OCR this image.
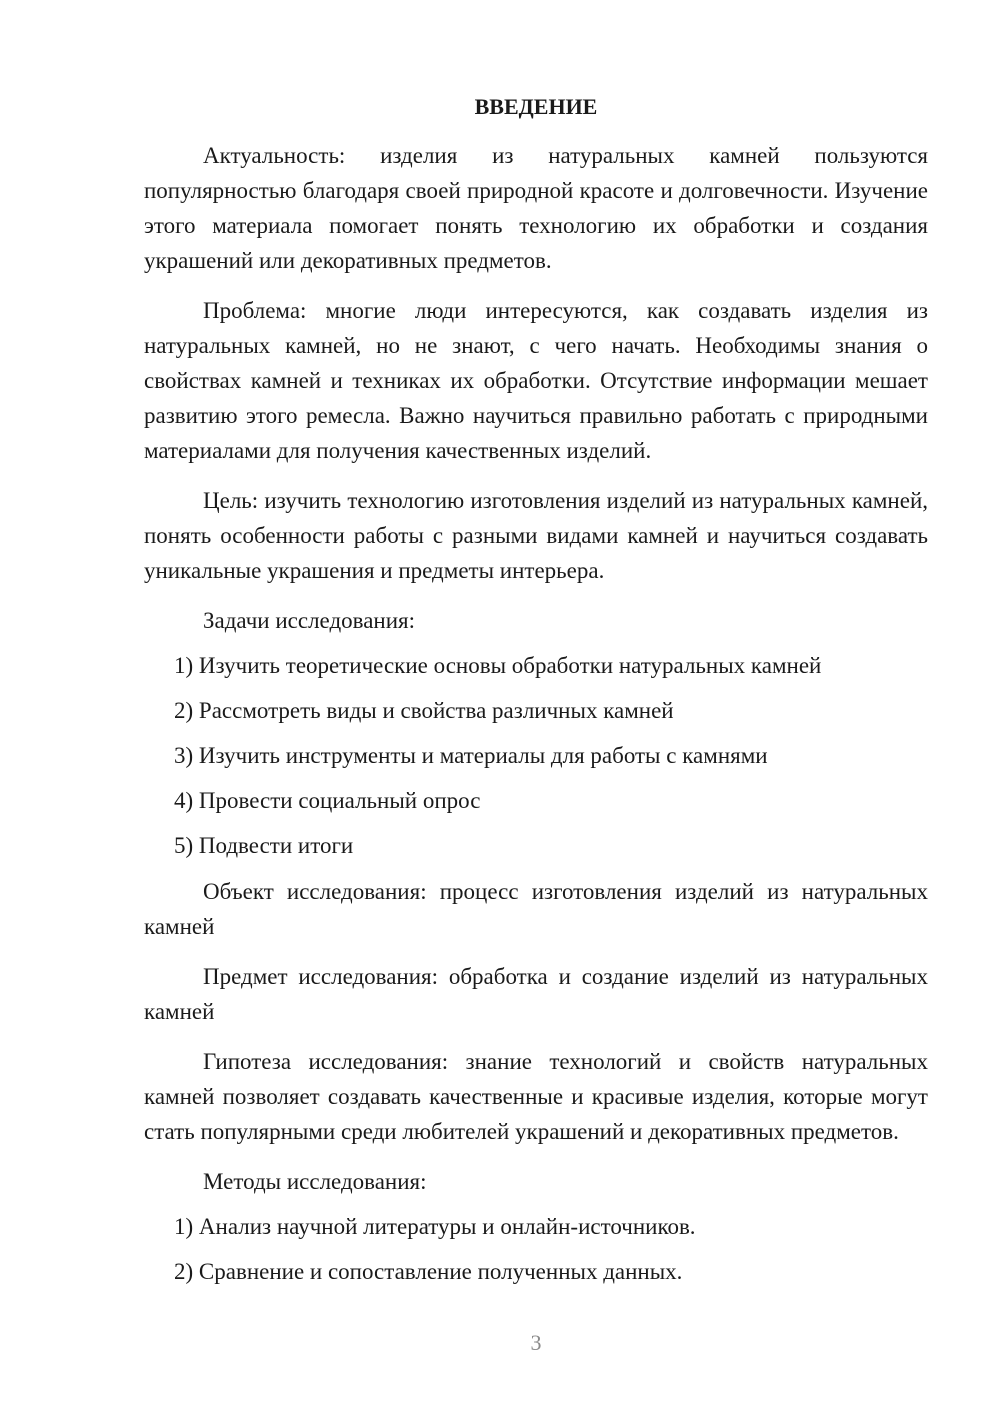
ВВЕДЕНИЕ

Актуальность: изделия из натуральных камней пользуются популярностью благодаря своей природной красоте и долговечности. Изучение этого материала помогает понять технологию их обработки и создания украшений или декоративных предметов.

Проблема: многие люди интересуются, как создавать изделия из натуральных камней, но не знают, с чего начать. Необходимы знания о свойствах камней и техниках их обработки. Отсутствие информации мешает развитию этого ремесла. Важно научиться правильно работать с природными материалами для получения качественных изделий.

Цель: изучить технологию изготовления изделий из натуральных камней, понять особенности работы с разными видами камней и научиться создавать уникальные украшения и предметы интерьера.

Задачи исследования:

1) Изучить теоретические основы обработки натуральных камней
2) Рассмотреть виды и свойства различных камней
3) Изучить инструменты и материалы для работы с камнями
4) Провести социальный опрос
5) Подвести итоги

Объект исследования: процесс изготовления изделий из натуральных камней

Предмет исследования: обработка и создание изделий из натуральных камней

Гипотеза исследования: знание технологий и свойств натуральных камней позволяет создавать качественные и красивые изделия, которые могут стать популярными среди любителей украшений и декоративных предметов.

Методы исследования:

1) Анализ научной литературы и онлайн-источников.
2) Сравнение и сопоставление полученных данных.
3
